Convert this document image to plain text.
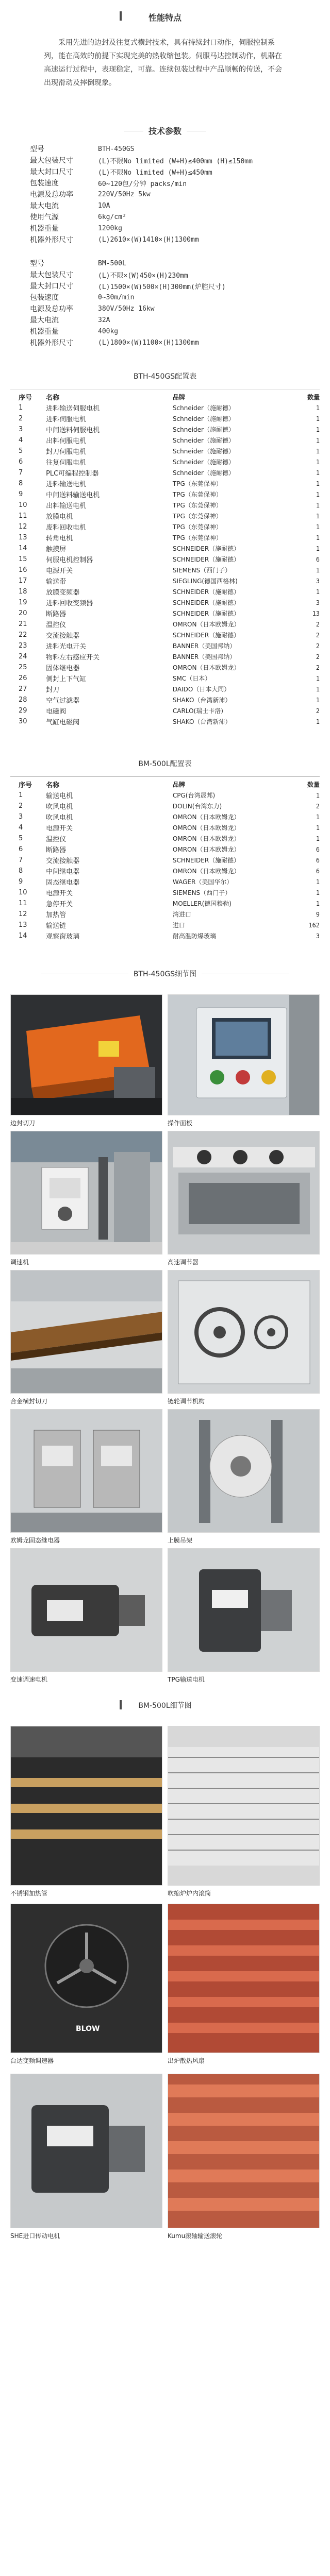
性能特点
采用先进的边封及往复式横封技术，具有持续封口动作，伺服控制系列，能在高效的前提下实现完美的热收缩包装。伺服马达控制动作，机器在高速运行过程中，表现稳定，可靠。连续包装过程中产品顺畅的传送，不会出现滑动及摔倒现象。
技术参数
型号	BTH-450GS
最大包装尺寸	(L)不限No limited (W+H)≤400mm (H)≤150mm
最大封口尺寸	(L)不限No limited (W+H)≤450mm
包装速度	60~120包/分钟 packs/min
电源及总功率	220V/50Hz 5kw
最大电流	10A
使用气源	6kg/cm²
机器重量	1200kg
机器外形尺寸	(L)2610×(W)1410×(H)1300mm
型号	BM-500L
最大包装尺寸	(L)不限×(W)450×(H)230mm
最大封口尺寸	(L)1500×(W)500×(H)300mm(炉腔尺寸)
包装速度	0~30m/min
电源及总功率	380V/50Hz 16kw
最大电流	32A
机器重量	400kg
机器外形尺寸	(L)1800×(W)1100×(H)1300mm
BTH-450GS配置表
序号	名称	品牌	数量
1	进料输送伺服电机	Schneider（施耐德）	1
2	进料伺服电机	Schneider（施耐德）	1
3	中间送料伺服电机	Schneider（施耐德）	1
4	出料伺服电机	Schneider（施耐德）	1
5	封刀伺服电机	Schneider（施耐德）	1
6	往复伺服电机	Schneider（施耐德）	1
7	PLC可编程控制器	Schneider（施耐德）	1
8	进料输送电机	TPG（东莞保神）	1
9	中间送料输送电机	TPG（东莞保神）	1
10	出料输送电机	TPG（东莞保神）	1
11	放膜电机	TPG（东莞保神）	1
12	废料回收电机	TPG（东莞保神）	1
13	转角电机	TPG（东莞保神）	1
14	触摸屏	SCHNEIDER（施耐德）	1
15	伺服电机控制器	SCHNEIDER（施耐德）	6
16	电源开关	SIEMENS（西门子）	1
17	输送带	SIEGLING(德国西格林)	3
18	放膜变频器	SCHNEIDER（施耐德）	1
19	进料回收变频器	SCHNEIDER（施耐德）	3
20	断路器	SCHNEIDER（施耐德）	13
21	温控仪	OMRON（日本欧姆龙）	2
22	交流接触器	SCHNEIDER（施耐德）	2
23	进料光电开关	BANNER（美国邦纳）	2
24	物料左右感应开关	BANNER（美国邦纳）	2
25	固体继电器	OMRON（日本欧姆龙）	2
26	侧封上下气缸	SMC（日本）	1
27	封刀	DAIDO（日本大同）	1
28	空气过滤器	SHAKO（台湾新沛）	1
29	电磁阀	CARLO(瑞士卡洛)	2
30	气缸电磁阀	SHAKO（台湾新沛）	1
BM-500L配置表
序号	名称	品牌	数量
1	输送电机	CPG(台湾晟邦)	1
2	吹风电机	DOLIN(台湾东力)	2
3	吹风电机	OMRON（日本欧姆龙）	1
4	电源开关	OMRON（日本欧姆龙）	1
5	温控仪	OMRON（日本欧姆龙）	1
6	断路器	OMRON（日本欧姆龙）	6
7	交流接触器	SCHNEIDER（施耐德）	6
8	中间继电器	OMRON（日本欧姆龙）	6
9	固态继电器	WAGER（美国华尔）	1
10	电源开关	SIEMENS（西门子）	1
11	急停开关	MOELLER(德国穆勒)	1
12	加热管	湾进口	9
13	输送链	进口	162
14	观察窗玻璃	耐高温防爆玻璃	3
BTH-450GS细节图
边封切刀	操作面板
调速机	高速调节器
合金横封切刀	链轮调节机构
欧姆龙固态继电器	上膜吊架
变速调速电机	TPG输送电机
BM-500L细节图
不锈钢加热管	吹缩炉炉内滚筒
BLOW
台达变频调速器	出炉散热风扇
SHE进口传动电机	Kumu滚轴输送滚轮
